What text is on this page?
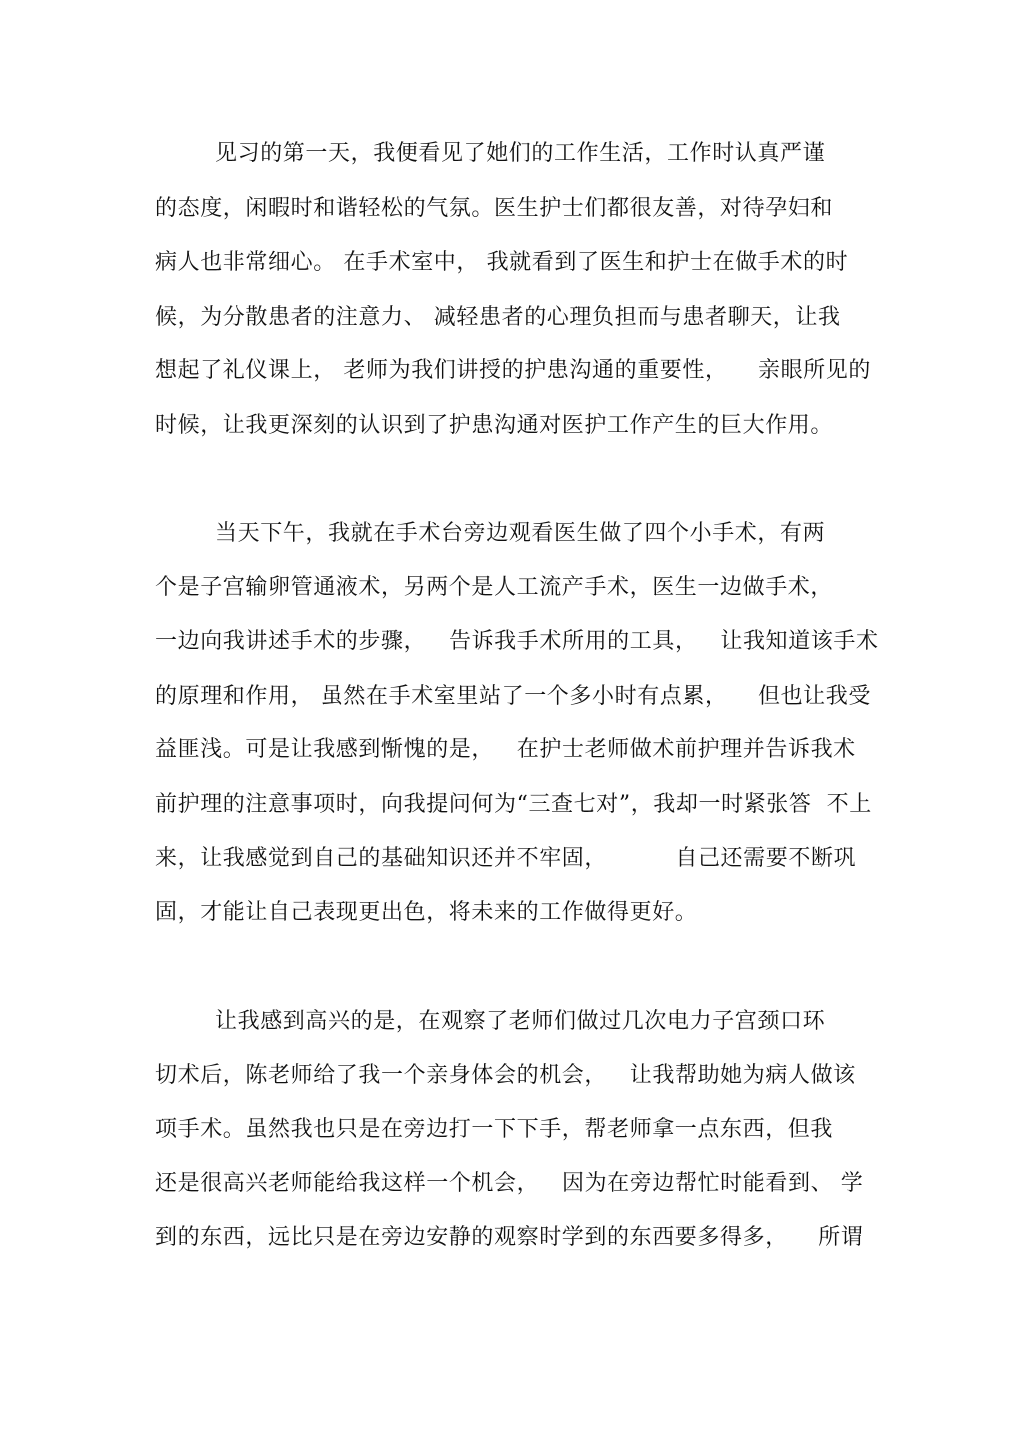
见习的第一天，我便看见了她们的工作生活，工作时认真严谨
的态度，闲暇时和谐轻松的气氛。医生护士们都很友善，对待孕妇和
病人也非常细心。 在手术室中， 我就看到了医生和护士在做手术的时
候，为分散患者的注意力、 减轻患者的心理负担而与患者聊天，让我
想起了礼仪课上， 老师为我们讲授的护患沟通的重要性，    亲眼所见的
时候，让我更深刻的认识到了护患沟通对医护工作产生的巨大作用。
当天下午，我就在手术台旁边观看医生做了四个小手术，有两
个是子宫输卵管通液术，另两个是人工流产手术，医生一边做手术，
一边向我讲述手术的步骤，   告诉我手术所用的工具，   让我知道该手术
的原理和作用， 虽然在手术室里站了一个多小时有点累，    但也让我受
益匪浅。可是让我感到惭愧的是，   在护士老师做术前护理并告诉我术
前护理的注意事项时，向我提问何为“三查七对”，我却一时紧张答  不上
来，让我感觉到自己的基础知识还并不牢固，         自己还需要不断巩
固，才能让自己表现更出色，将未来的工作做得更好。
让我感到高兴的是，在观察了老师们做过几次电力子宫颈口环
切术后，陈老师给了我一个亲身体会的机会，   让我帮助她为病人做该
项手术。虽然我也只是在旁边打一下下手，帮老师拿一点东西，但我
还是很高兴老师能给我这样一个机会，   因为在旁边帮忙时能看到、 学
到的东西，远比只是在旁边安静的观察时学到的东西要多得多，    所谓
